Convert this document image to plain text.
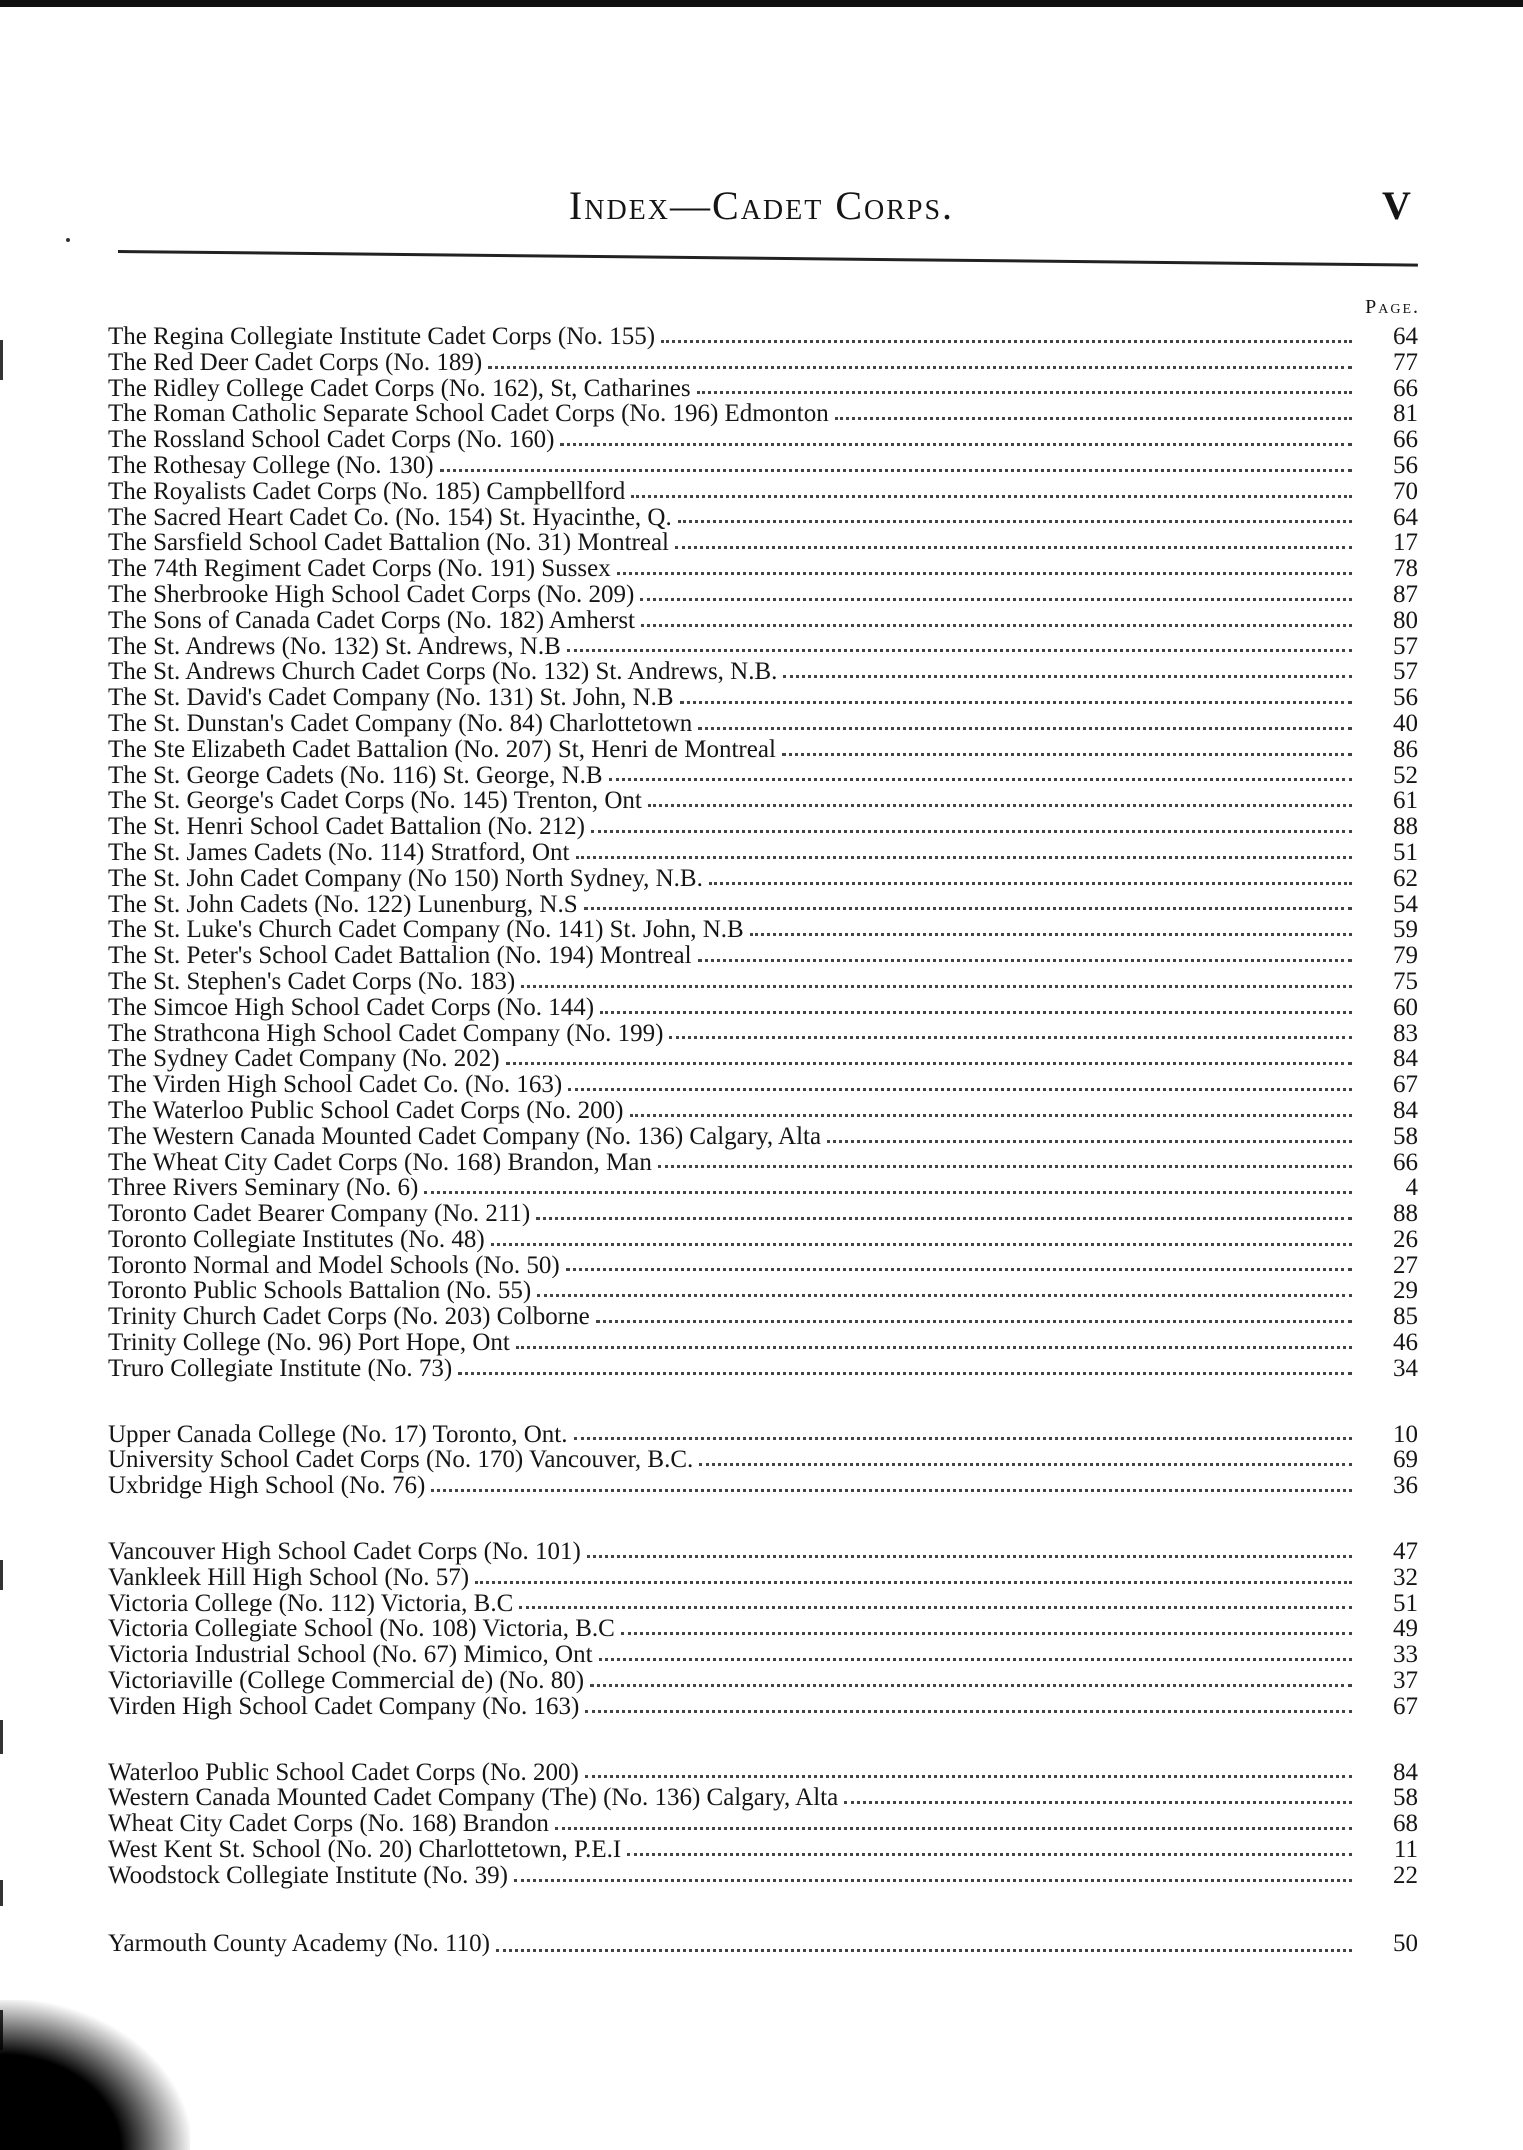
Index—Cadet Corps.	V
Page.
The Regina Collegiate Institute Cadet Corps (No. 155)	64
The Red Deer Cadet Corps (No. 189)	77
The Ridley College Cadet Corps (No. 162), St, Catharines	66
The Roman Catholic Separate School Cadet Corps (No. 196) Edmonton	81
The Rossland School Cadet Corps (No. 160)	66
The Rothesay College (No. 130)	56
The Royalists Cadet Corps (No. 185) Campbellford	70
The Sacred Heart Cadet Co. (No. 154) St. Hyacinthe, Q.	64
The Sarsfield School Cadet Battalion (No. 31) Montreal	17
The 74th Regiment Cadet Corps (No. 191) Sussex	78
The Sherbrooke High School Cadet Corps (No. 209)	87
The Sons of Canada Cadet Corps (No. 182) Amherst	80
The St. Andrews (No. 132) St. Andrews, N.B	57
The St. Andrews Church Cadet Corps (No. 132) St. Andrews, N.B.	57
The St. David's Cadet Company (No. 131) St. John, N.B	56
The St. Dunstan's Cadet Company (No. 84) Charlottetown	40
The Ste Elizabeth Cadet Battalion (No. 207) St, Henri de Montreal	86
The St. George Cadets (No. 116) St. George, N.B	52
The St. George's Cadet Corps (No. 145) Trenton, Ont	61
The St. Henri School Cadet Battalion (No. 212)	88
The St. James Cadets (No. 114) Stratford, Ont	51
The St. John Cadet Company (No 150) North Sydney, N.B.	62
The St. John Cadets (No. 122) Lunenburg, N.S	54
The St. Luke's Church Cadet Company (No. 141) St. John, N.B	59
The St. Peter's School Cadet Battalion (No. 194) Montreal	79
The St. Stephen's Cadet Corps (No. 183)	75
The Simcoe High School Cadet Corps (No. 144)	60
The Strathcona High School Cadet Company (No. 199)	83
The Sydney Cadet Company (No. 202)	84
The Virden High School Cadet Co. (No. 163)	67
The Waterloo Public School Cadet Corps (No. 200)	84
The Western Canada Mounted Cadet Company (No. 136) Calgary, Alta	58
The Wheat City Cadet Corps (No. 168) Brandon, Man	66
Three Rivers Seminary (No. 6)	4
Toronto Cadet Bearer Company (No. 211)	88
Toronto Collegiate Institutes (No. 48)	26
Toronto Normal and Model Schools (No. 50)	27
Toronto Public Schools Battalion (No. 55)	29
Trinity Church Cadet Corps (No. 203) Colborne	85
Trinity College (No. 96) Port Hope, Ont	46
Truro Collegiate Institute (No. 73)	34
Upper Canada College (No. 17) Toronto, Ont.	10
University School Cadet Corps (No. 170) Vancouver, B.C.	69
Uxbridge High School (No. 76)	36
Vancouver High School Cadet Corps (No. 101)	47
Vankleek Hill High School (No. 57)	32
Victoria College (No. 112) Victoria, B.C	51
Victoria Collegiate School (No. 108) Victoria, B.C	49
Victoria Industrial School (No. 67) Mimico, Ont	33
Victoriaville (College Commercial de) (No. 80)	37
Virden High School Cadet Company (No. 163)	67
Waterloo Public School Cadet Corps (No. 200)	84
Western Canada Mounted Cadet Company (The) (No. 136) Calgary, Alta	58
Wheat City Cadet Corps (No. 168) Brandon	68
West Kent St. School (No. 20) Charlottetown, P.E.I	11
Woodstock Collegiate Institute (No. 39)	22
Yarmouth County Academy (No. 110)	50
